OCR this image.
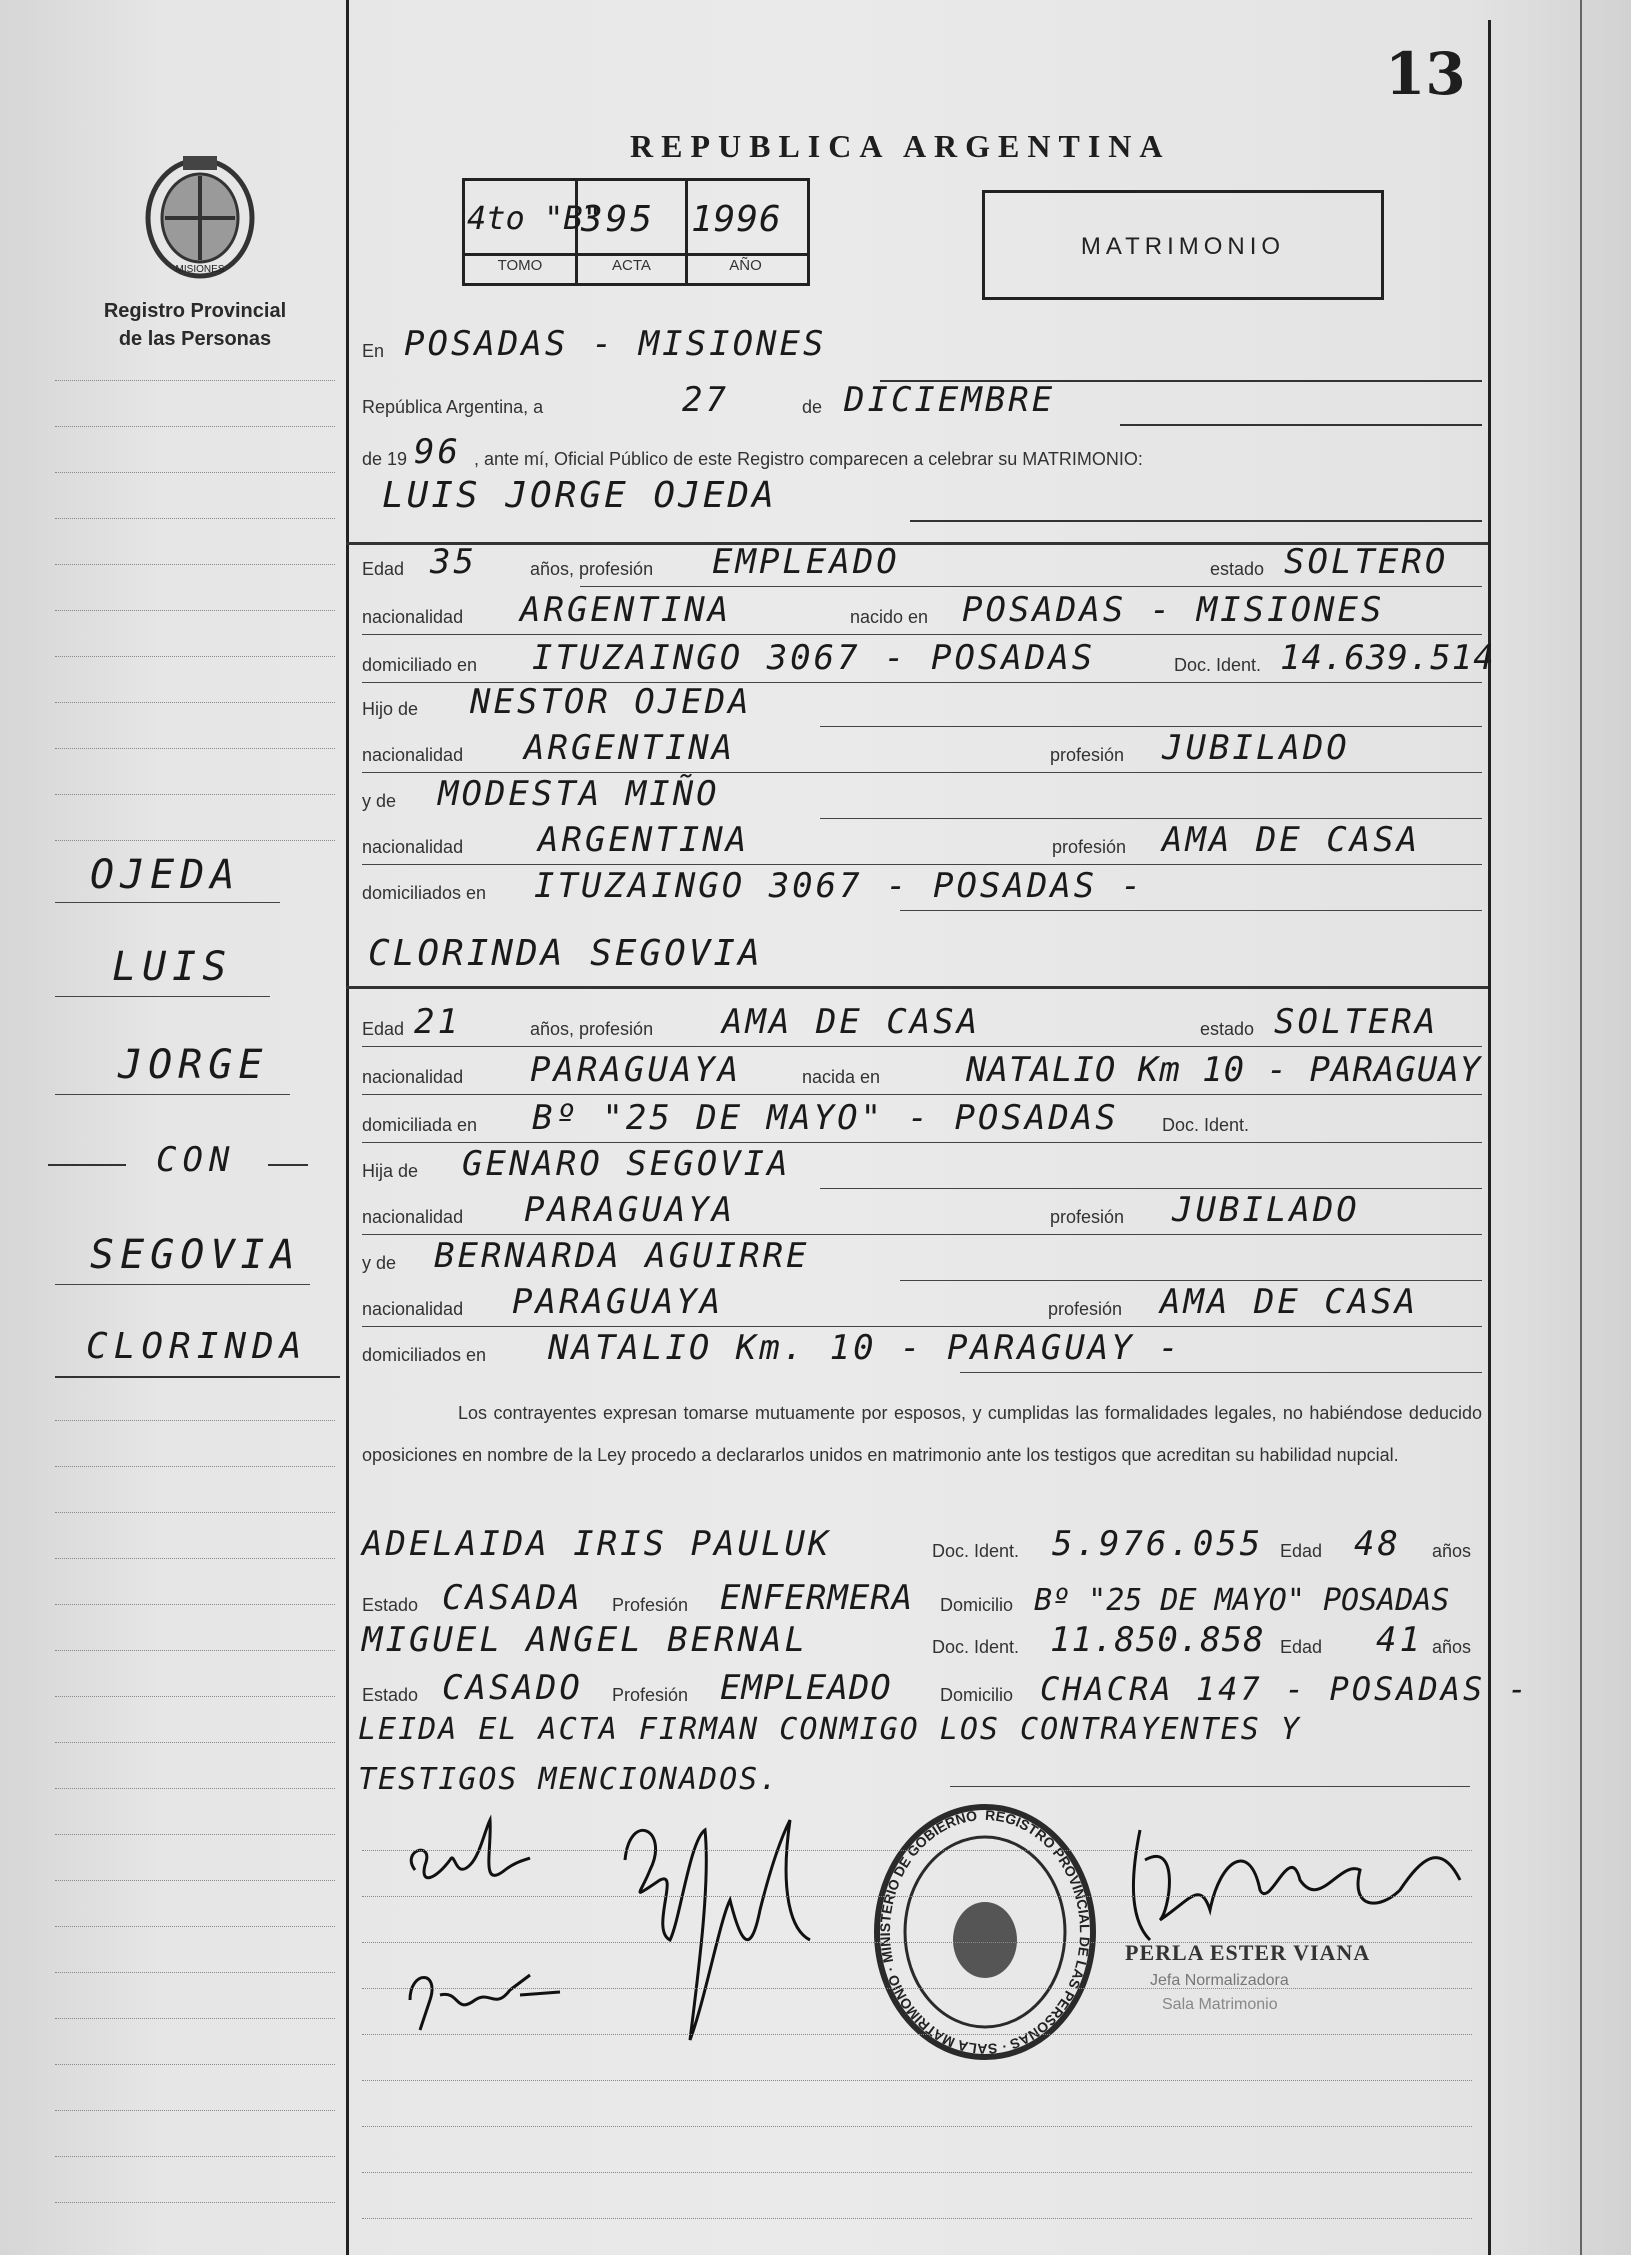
13
MISIONES
Registro Provincial
de las Personas
REPUBLICA ARGENTINA
4to "B"
395 1996
TOMO	ACTA	AÑO
MATRIMONIO
En POSADAS - MISIONES
República Argentina, a	27	de DICIEMBRE
de 19 96 , ante mí, Oficial Público de este Registro comparecen a celebrar su MATRIMONIO:
LUIS JORGE OJEDA
Edad 35	años, profesión EMPLEADO	estado SOLTERO
nacionalidad ARGENTINA	nacido en POSADAS - MISIONES
domiciliado en ITUZAINGO 3067 - POSADAS	Doc. Ident. 14.639.514
Hijo de NESTOR OJEDA
nacionalidad ARGENTINA	profesión JUBILADO
y de MODESTA MIÑO
nacionalidad ARGENTINA	profesión AMA DE CASA
domiciliados en ITUZAINGO 3067 - POSADAS -
CLORINDA SEGOVIA
Edad 21	años, profesión AMA DE CASA	estado SOLTERA
nacionalidad PARAGUAYA	nacida en	NATALIO Km 10 - PARAGUAY
domiciliada en Bº "25 DE MAYO" - POSADAS Doc. Ident.
Hija de GENARO SEGOVIA
nacionalidad PARAGUAYA	profesión JUBILADO
y de BERNARDA AGUIRRE
nacionalidad PARAGUAYA	profesión AMA DE CASA
domiciliados en NATALIO Km. 10 - PARAGUAY -
Los contrayentes expresan tomarse mutuamente por esposos, y cumplidas las formalidades legales, no habiéndose deducido oposiciones en nombre de la Ley procedo a declararlos unidos en matrimonio ante los testigos que acreditan su habilidad nupcial.
ADELAIDA IRIS PAULUK	Doc. Ident. 5.976.055 Edad 48 años
Estado CASADA Profesión ENFERMERA Domicilio Bº "25 DE MAYO" POSADAS
MIGUEL ANGEL BERNAL	Doc. Ident. 11.850.858 Edad 41 años
Estado CASADO Profesión EMPLEADO	Domicilio CHACRA 147 - POSADAS -
LEIDA EL ACTA FIRMAN CONMIGO LOS CONTRAYENTES Y
TESTIGOS MENCIONADOS.
REGISTRO PROVINCIAL DE LAS PERSONAS · SALA MATRIMONIO · MINISTERIO DE GOBIERNO
PERLA ESTER VIANA
Jefa Normalizadora
Sala Matrimonio
OJEDA
LUIS
JORGE
CON
SEGOVIA
CLORINDA
